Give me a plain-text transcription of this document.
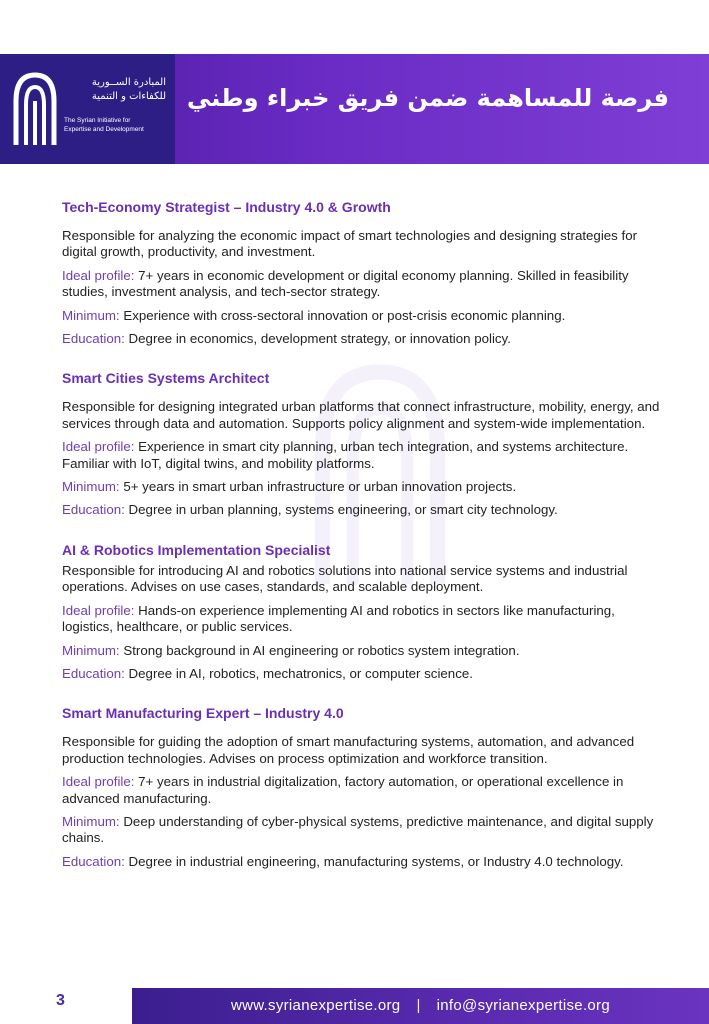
المبادرة الســورية
للكفاءات و التنمية
The Syrian Initiative for
Expertise and Development
فرصة للمساهمة ضمن فريق خبراء وطني
Tech-Economy Strategist – Industry 4.0 & Growth

Responsible for analyzing the economic impact of smart technologies and designing strategies for digital growth, productivity, and investment.

Ideal profile: 7+ years in economic development or digital economy planning. Skilled in feasibility studies, investment analysis, and tech-sector strategy.

Minimum: Experience with cross-sectoral innovation or post-crisis economic planning.

Education: Degree in economics, development strategy, or innovation policy.

Smart Cities Systems Architect

Responsible for designing integrated urban platforms that connect infrastructure, mobility, energy, and services through data and automation. Supports policy alignment and system-wide implementation.

Ideal profile: Experience in smart city planning, urban tech integration, and systems architecture. Familiar with IoT, digital twins, and mobility platforms.

Minimum: 5+ years in smart urban infrastructure or urban innovation projects.

Education: Degree in urban planning, systems engineering, or smart city technology.

AI & Robotics Implementation Specialist

Responsible for introducing AI and robotics solutions into national service systems and industrial operations. Advises on use cases, standards, and scalable deployment.

Ideal profile: Hands-on experience implementing AI and robotics in sectors like manufacturing, logistics, healthcare, or public services.

Minimum: Strong background in AI engineering or robotics system integration.

Education: Degree in AI, robotics, mechatronics, or computer science.

Smart Manufacturing Expert – Industry 4.0

Responsible for guiding the adoption of smart manufacturing systems, automation, and advanced production technologies. Advises on process optimization and workforce transition.

Ideal profile: 7+ years in industrial digitalization, factory automation, or operational excellence in advanced manufacturing.

Minimum: Deep understanding of cyber-physical systems, predictive maintenance, and digital supply chains.

Education: Degree in industrial engineering, manufacturing systems, or Industry 4.0 technology.

3	www.syrianexpertise.org | info@syrianexpertise.org
